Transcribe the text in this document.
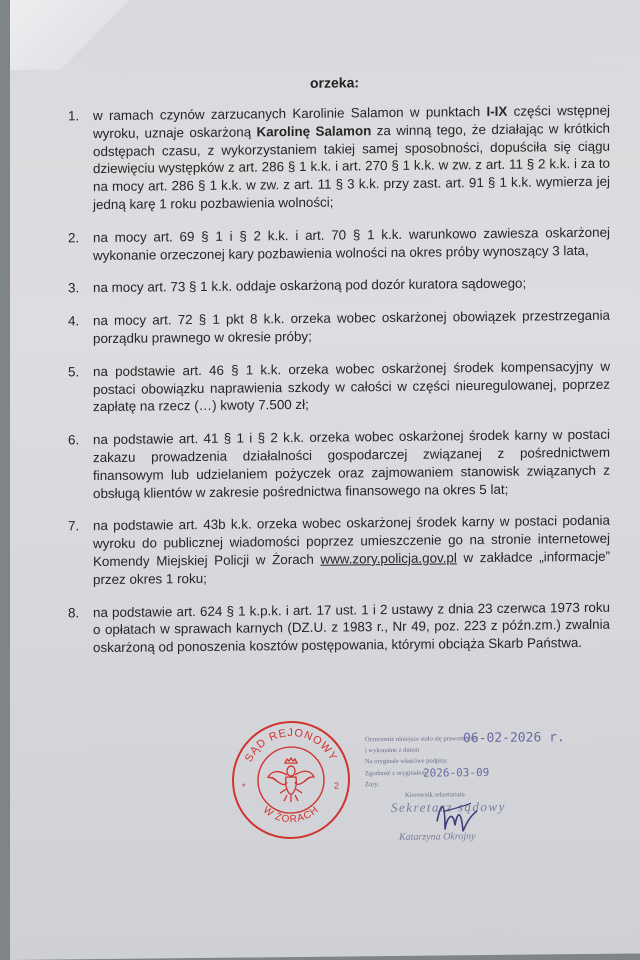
orzeka:
1. w ramach czynów zarzucanych Karolinie Salamon w punktach I-IX części wstępnej wyroku, uznaje oskarżoną Karolinę Salamon za winną tego, że działając w krótkich odstępach czasu, z wykorzystaniem takiej samej sposobności, dopuściła się ciągu dziewięciu występków z art. 286 § 1 k.k. i art. 270 § 1 k.k. w zw. z art. 11 § 2 k.k. i za to na mocy art. 286 § 1 k.k. w zw. z art. 11 § 3 k.k. przy zast. art. 91 § 1 k.k. wymierza jej jedną karę 1 roku pozbawienia wolności;
2. na mocy art. 69 § 1 i § 2 k.k. i art. 70 § 1 k.k. warunkowo zawiesza oskarżonej wykonanie orzeczonej kary pozbawienia wolności na okres próby wynoszący 3 lata,
3. na mocy art. 73 § 1 k.k. oddaje oskarżoną pod dozór kuratora sądowego;
4. na mocy art. 72 § 1 pkt 8 k.k. orzeka wobec oskarżonej obowiązek przestrzegania porządku prawnego w okresie próby;
5. na podstawie art. 46 § 1 k.k. orzeka wobec oskarżonej środek kompensacyjny w postaci obowiązku naprawienia szkody w całości w części nieuregulowanej, poprzez zapłatę na rzecz (…) kwoty 7.500 zł;
6. na podstawie art. 41 § 1 i § 2 k.k. orzeka wobec oskarżonej środek karny w postaci zakazu prowadzenia działalności gospodarczej związanej z pośrednictwem finansowym lub udzielaniem pożyczek oraz zajmowaniem stanowisk związanych z obsługą klientów w zakresie pośrednictwa finansowego na okres 5 lat;
7. na podstawie art. 43b k.k. orzeka wobec oskarżonej środek karny w postaci podania wyroku do publicznej wiadomości poprzez umieszczenie go na stronie internetowej Komendy Miejskiej Policji w Żorach www.zory.policja.gov.pl w zakładce „informacje” przez okres 1 roku;
8. na podstawie art. 624 § 1 k.p.k. i art. 17 ust. 1 i 2 ustawy z dnia 23 czerwca 1973 roku o opłatach w sprawach karnych (DZ.U. z 1983 r., Nr 49, poz. 223 z późn.zm.) zwalnia oskarżoną od ponoszenia kosztów postępowania, którymi obciąża Skarb Państwa.
SĄD REJONOWY
W ŻORACH
*	2
Orzeczenie niniejsze stało się prawomocne
06-02-2026 r.
i wykonalne z dniem
Na oryginale właściwe podpisy.
Zgodność z oryginałem
2026-03-09
Żory,
Kierownik sekretariatu
Sekretarz sądowy
Katarzyna Okrojny
